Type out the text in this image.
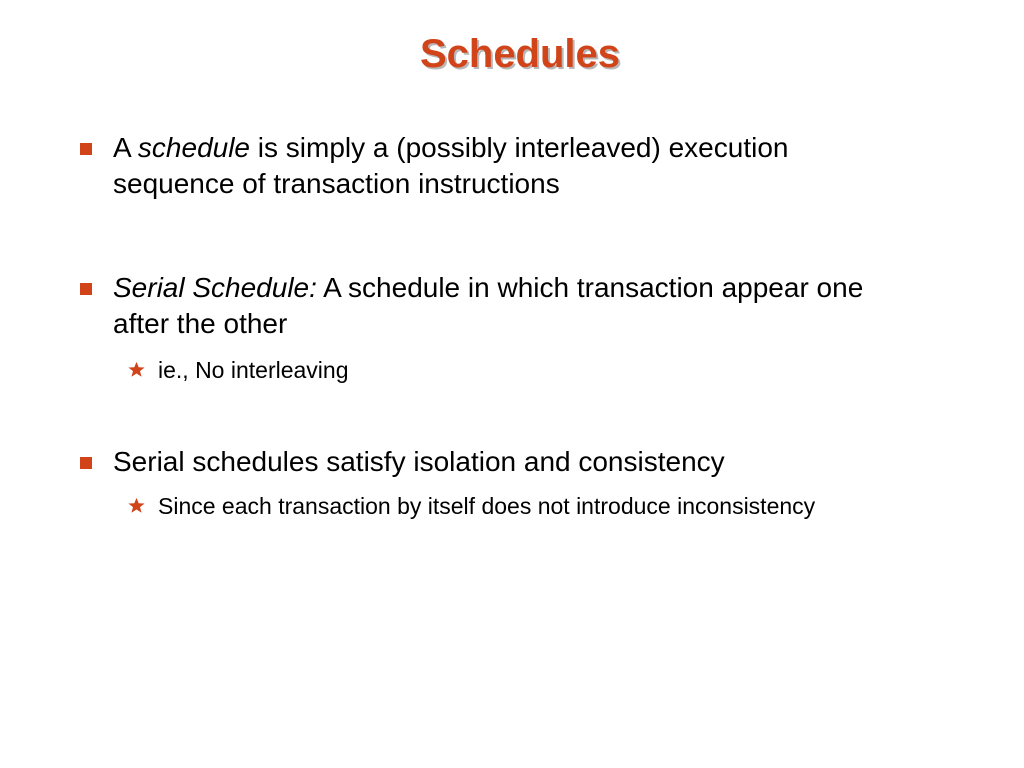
Schedules

A schedule is simply a (possibly interleaved) execution sequence of transaction instructions

Serial Schedule: A schedule in which transaction appear one after the other

ie., No interleaving

Serial schedules satisfy isolation and consistency

Since each transaction by itself does not introduce inconsistency
